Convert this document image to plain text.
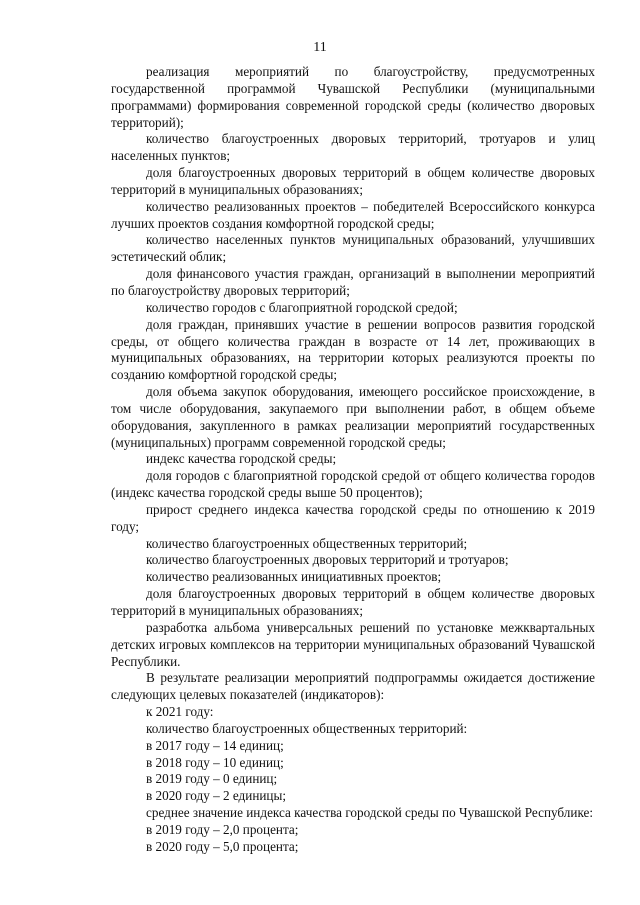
11

реализация мероприятий по благоустройству, предусмотренных государственной программой Чувашской Республики (муниципальными программами) формирования современной городской среды (количество дворовых территорий);

количество благоустроенных дворовых территорий, тротуаров и улиц населенных пунктов;

доля благоустроенных дворовых территорий в общем количестве дворовых территорий в муниципальных образованиях;

количество реализованных проектов – победителей Всероссийского конкурса лучших проектов создания комфортной городской среды;

количество населенных пунктов муниципальных образований, улучшивших эстетический облик;

доля финансового участия граждан, организаций в выполнении мероприятий по благоустройству дворовых территорий;

количество городов с благоприятной городской средой;

доля граждан, принявших участие в решении вопросов развития городской среды, от общего количества граждан в возрасте от 14 лет, проживающих в муниципальных образованиях, на территории которых реализуются проекты по созданию комфортной городской среды;

доля объема закупок оборудования, имеющего российское происхождение, в том числе оборудования, закупаемого при выполнении работ, в общем объеме оборудования, закупленного в рамках реализации мероприятий государственных (муниципальных) программ современной городской среды;

индекс качества городской среды;

доля городов с благоприятной городской средой от общего количества городов (индекс качества городской среды выше 50 процентов);

прирост среднего индекса качества городской среды по отношению к 2019 году;

количество благоустроенных общественных территорий;

количество благоустроенных дворовых территорий и тротуаров;

количество реализованных инициативных проектов;

доля благоустроенных дворовых территорий в общем количестве дворовых территорий в муниципальных образованиях;

разработка альбома универсальных решений по установке межквартальных детских игровых комплексов на территории муниципальных образований Чувашской Республики.

В результате реализации мероприятий подпрограммы ожидается достижение следующих целевых показателей (индикаторов):

к 2021 году:

количество благоустроенных общественных территорий:

в 2017 году – 14 единиц;

в 2018 году – 10 единиц;

в 2019 году – 0 единиц;

в 2020 году – 2 единицы;

среднее значение индекса качества городской среды по Чувашской Республике:

в 2019 году – 2,0 процента;

в 2020 году – 5,0 процента;
